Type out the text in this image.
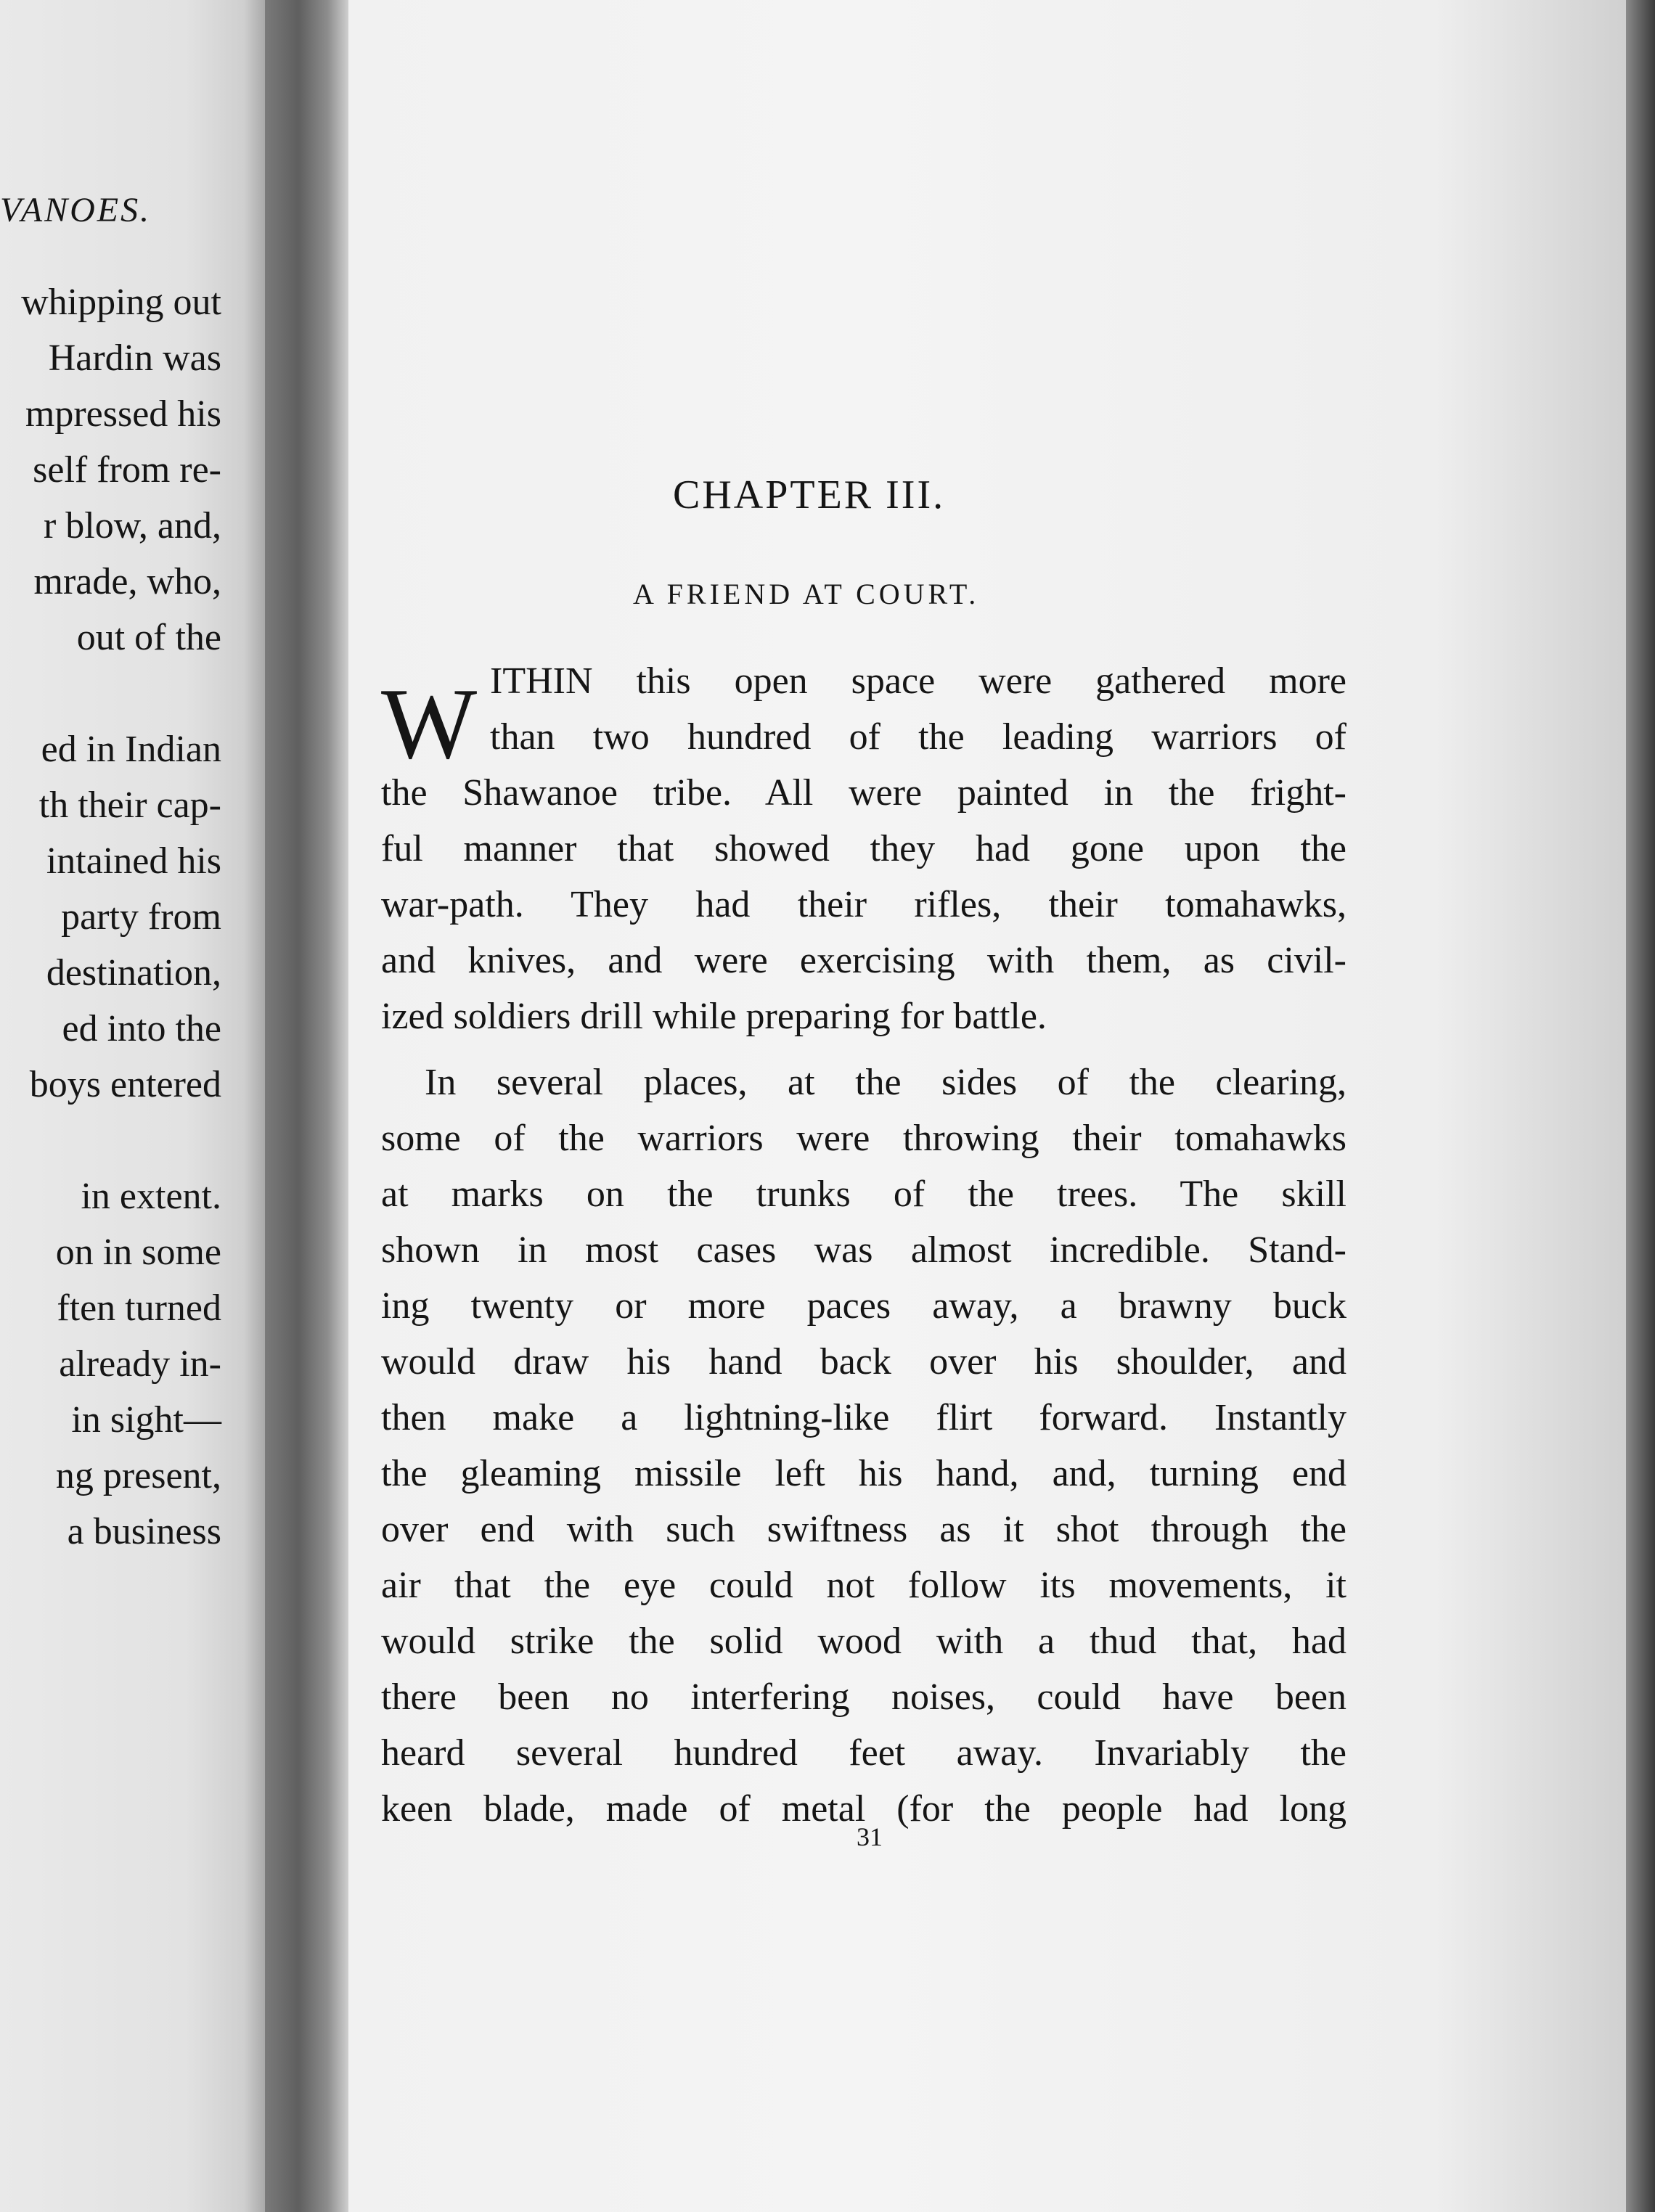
VANOES.
whipping out
Hardin was
mpressed his
self from re-
r blow, and,
mrade, who,
out of the
ed in Indian
th their cap-
intained his
party from
destination,
ed into the
boys entered
in extent.
on in some
ften turned
already in-
in sight—
ng present,
a business
CHAPTER III.
A FRIEND AT COURT.
W ITHIN this open space were gathered more
than two hundred of the leading warriors of
the Shawanoe tribe. All were painted in the fright-
ful manner that showed they had gone upon the
war-path. They had their rifles, their tomahawks,
and knives, and were exercising with them, as civil-
ized soldiers drill while preparing for battle.
In several places, at the sides of the clearing,
some of the warriors were throwing their tomahawks
at marks on the trunks of the trees. The skill
shown in most cases was almost incredible. Stand-
ing twenty or more paces away, a brawny buck
would draw his hand back over his shoulder, and
then make a lightning-like flirt forward. Instantly
the gleaming missile left his hand, and, turning end
over end with such swiftness as it shot through the
air that the eye could not follow its movements, it
would strike the solid wood with a thud that, had
there been no interfering noises, could have been
heard several hundred feet away. Invariably the
keen blade, made of metal (for the people had long
31
